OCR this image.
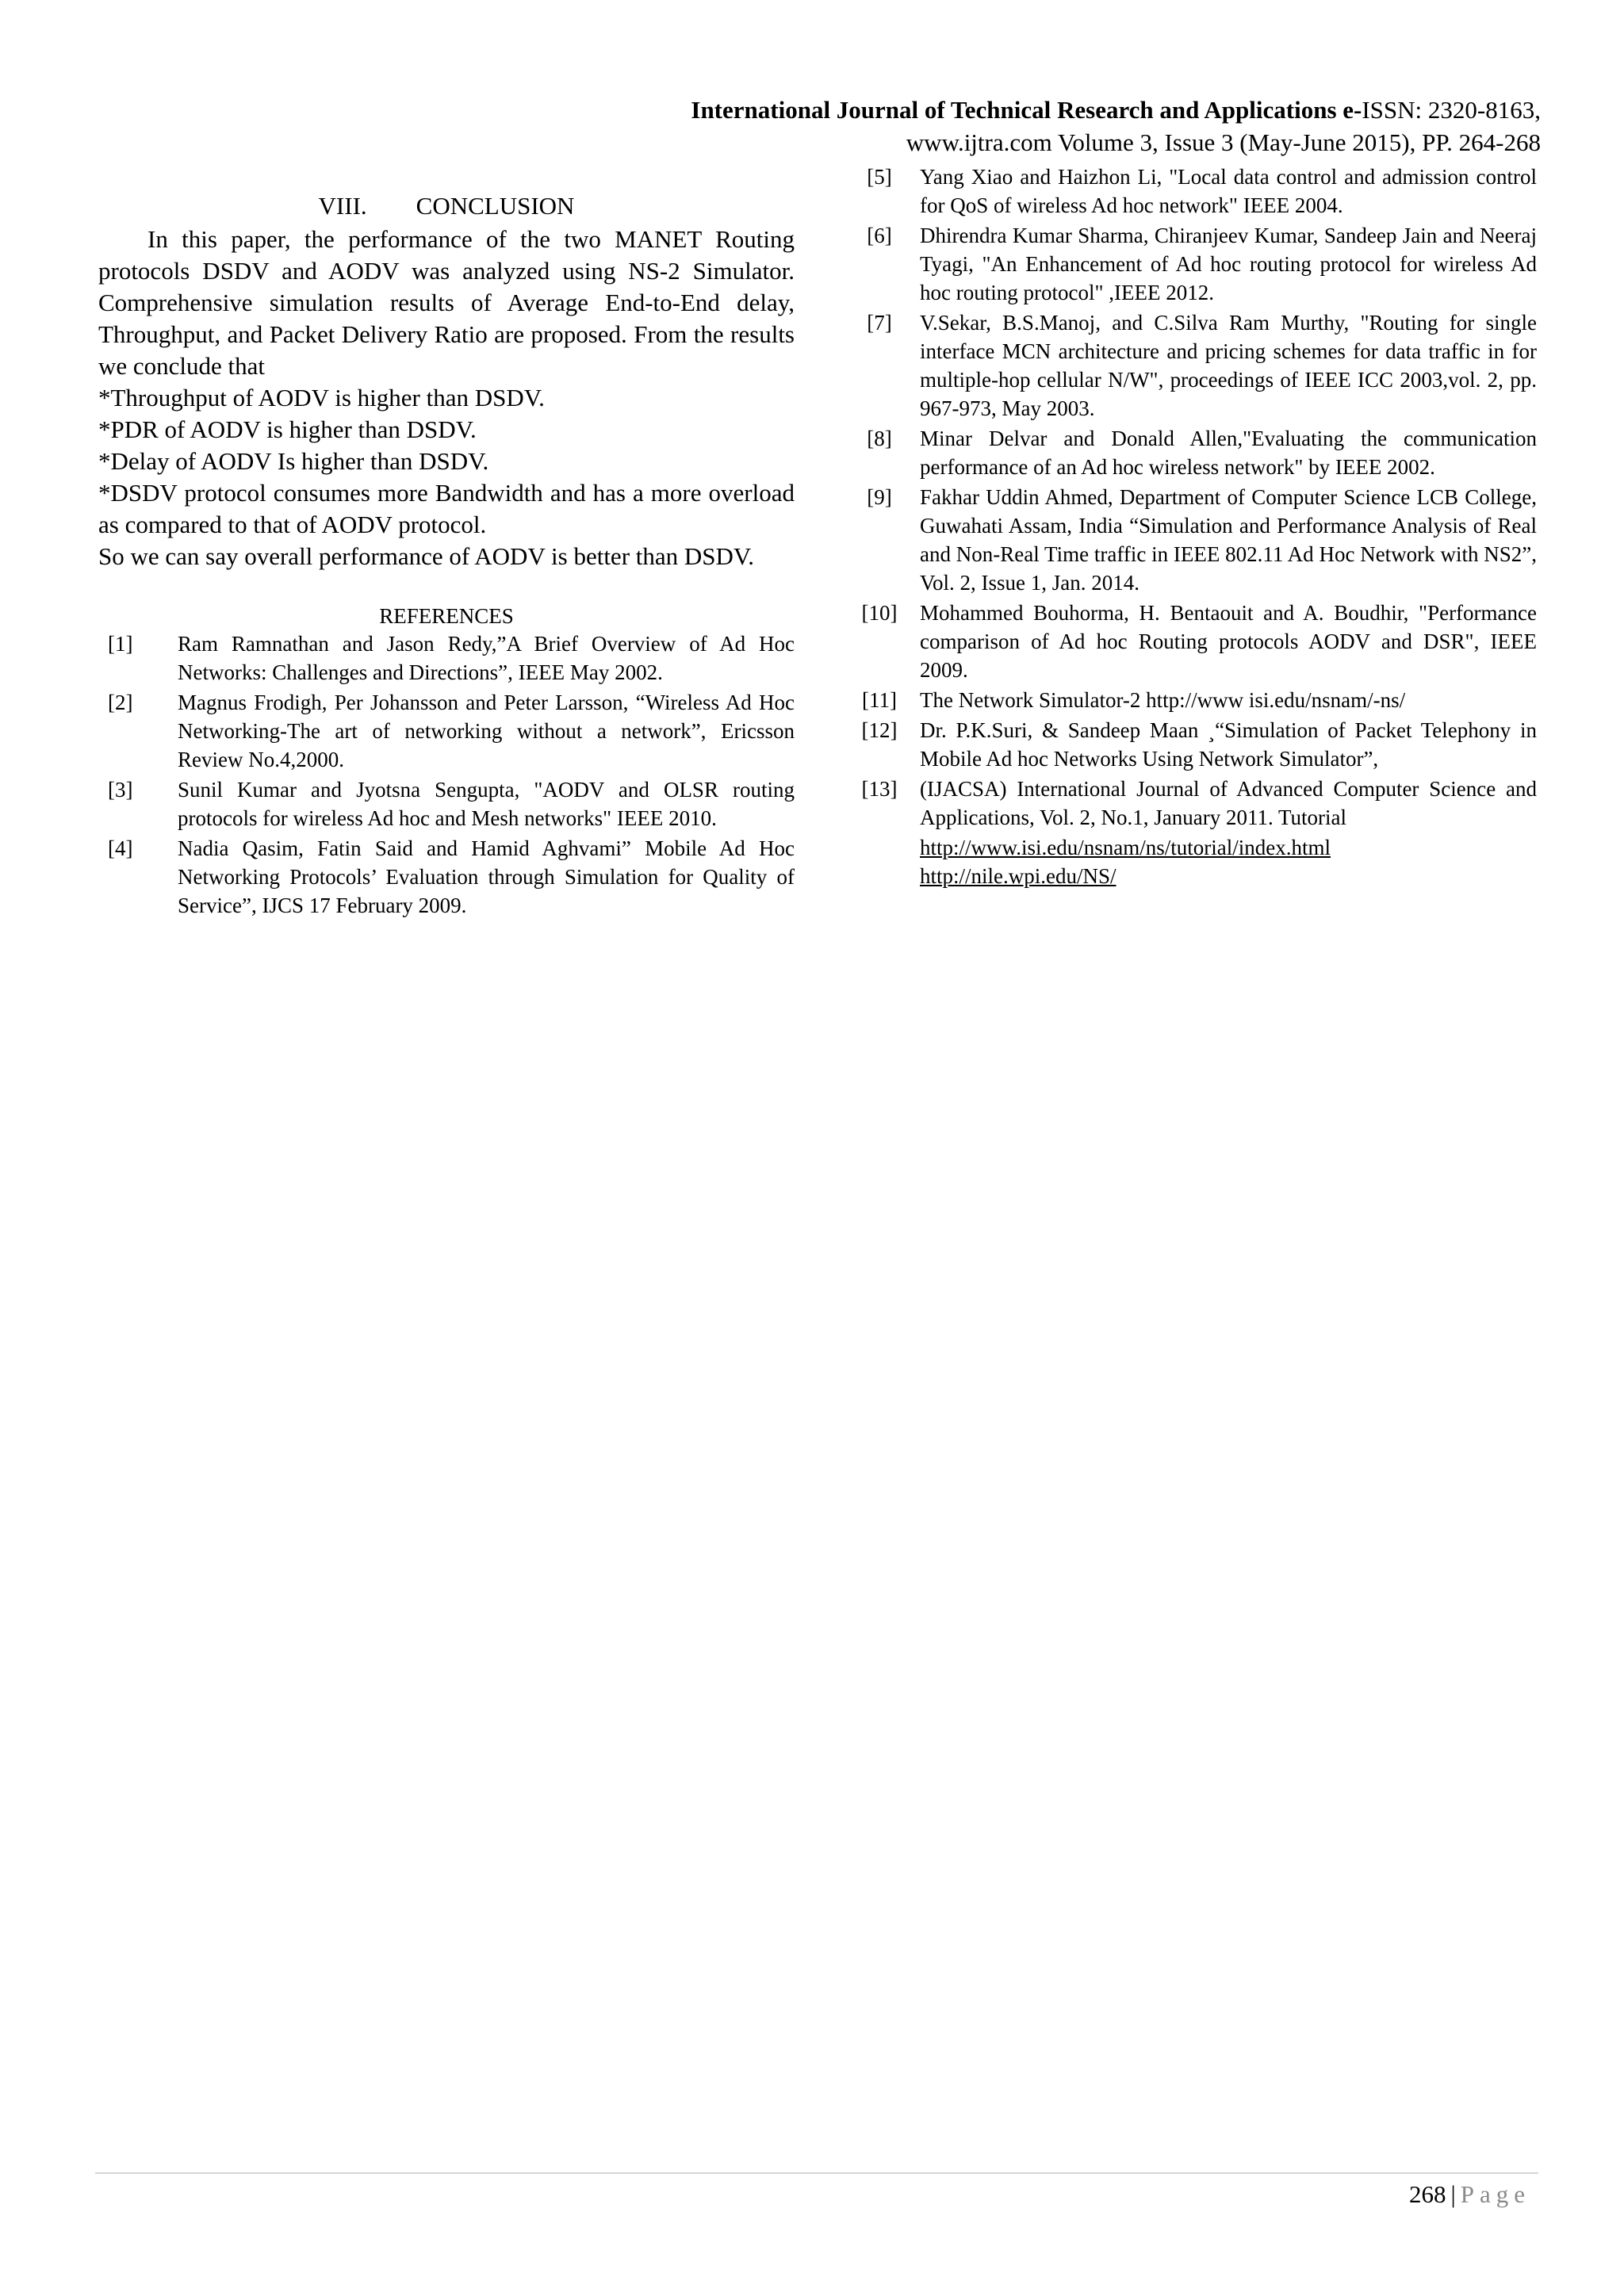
International Journal of Technical Research and Applications e-ISSN: 2320-8163,
www.ijtra.com Volume 3, Issue 3 (May-June 2015), PP. 264-268
VIII. CONCLUSION

In this paper, the performance of the two MANET Routing protocols DSDV and AODV was analyzed using NS-2 Simulator. Comprehensive simulation results of Average End-to-End delay, Throughput, and Packet Delivery Ratio are proposed. From the results we conclude that

*Throughput of AODV is higher than DSDV.

*PDR of AODV is higher than DSDV.

*Delay of AODV Is higher than DSDV.

*DSDV protocol consumes more Bandwidth and has a more overload as compared to that of AODV protocol.

So we can say overall performance of AODV is better than DSDV.

REFERENCES
[1]	Ram Ramnathan and Jason Redy,”A Brief Overview of Ad Hoc Networks: Challenges and Directions”, IEEE May 2002.
[2]	Magnus Frodigh, Per Johansson and Peter Larsson, “Wireless Ad Hoc Networking-The art of networking without a network”, Ericsson Review No.4,2000.
[3]	Sunil Kumar and Jyotsna Sengupta, "AODV and OLSR routing protocols for wireless Ad hoc and Mesh networks" IEEE 2010.
[4]	Nadia Qasim, Fatin Said and Hamid Aghvami” Mobile Ad Hoc Networking Protocols’ Evaluation through Simulation for Quality of Service”, IJCS 17 February 2009.
[5]	Yang Xiao and Haizhon Li, "Local data control and admission control for QoS of wireless Ad hoc network" IEEE 2004.
[6]	Dhirendra Kumar Sharma, Chiranjeev Kumar, Sandeep Jain and Neeraj Tyagi, "An Enhancement of Ad hoc routing protocol for wireless Ad hoc routing protocol" ,IEEE 2012.
[7]	V.Sekar, B.S.Manoj, and C.Silva Ram Murthy, "Routing for single interface MCN architecture and pricing schemes for data traffic in for multiple-hop cellular N/W", proceedings of IEEE ICC 2003,vol. 2, pp. 967-973, May 2003.
[8]	Minar Delvar and Donald Allen,"Evaluating the communication performance of an Ad hoc wireless network" by IEEE 2002.
[9]	Fakhar Uddin Ahmed, Department of Computer Science LCB College, Guwahati Assam, India “Simulation and Performance Analysis of Real and Non-Real Time traffic in IEEE 802.11 Ad Hoc Network with NS2”, Vol. 2, Issue 1, Jan. 2014.
[10]	Mohammed Bouhorma, H. Bentaouit and A. Boudhir, "Performance comparison of Ad hoc Routing protocols AODV and DSR", IEEE 2009.
[11]	The Network Simulator-2 http://www isi.edu/nsnam/-ns/
[12]	Dr. P.K.Suri, & Sandeep Maan ¸“Simulation of Packet Telephony in Mobile Ad hoc Networks Using Network Simulator”,
[13]	(IJACSA) International Journal of Advanced Computer Science and Applications, Vol. 2, No.1, January 2011. Tutorial
http://www.isi.edu/nsnam/ns/tutorial/index.html
http://nile.wpi.edu/NS/
268 | Page
